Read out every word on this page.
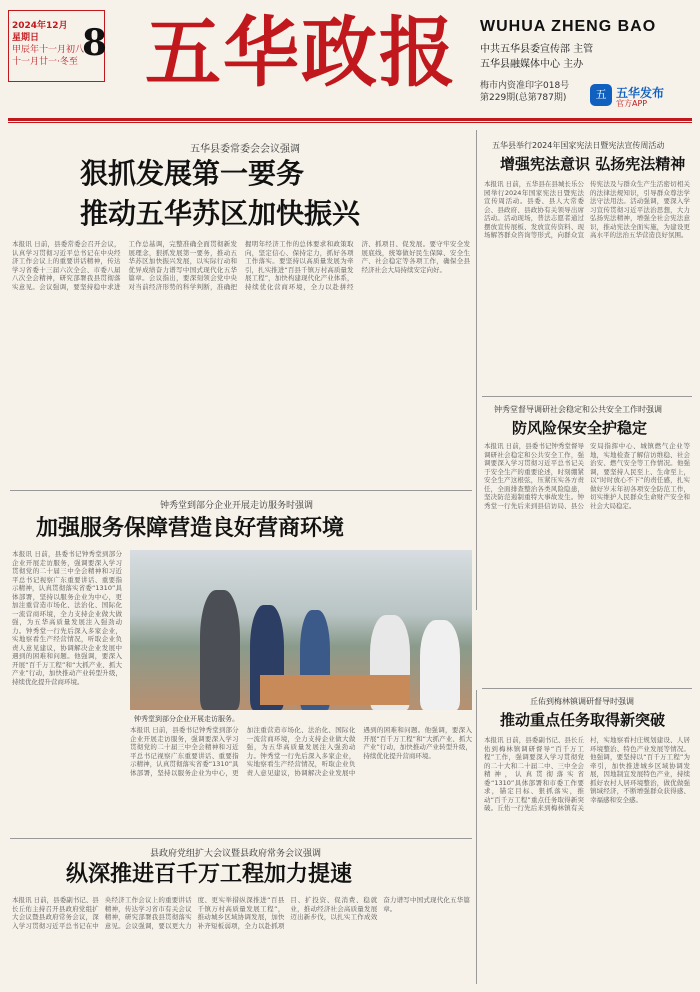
2024年12月
星期日
甲辰年十一月初八
十一月廿一·冬至 8 五华政报 WUHUA ZHENG BAO
中共五华县委宣传部 主管
五华县融媒体中心 主办
梅市内资准印字018号
第229期(总第787期)	五 五华发布
官方APP
五华县委常委会会议强调
狠抓发展第一要务
推动五华苏区加快振兴
本报讯 日前，县委常委会召开会议，认真学习贯彻习近平总书记在中央经济工作会议上的重要讲话精神，传达学习省委十三届六次全会、市委八届八次全会精神，研究部署我县贯彻落实意见。会议强调，要坚持稳中求进工作总基调，完整准确全面贯彻新发展理念，狠抓发展第一要务，推动五华苏区加快振兴发展，以实际行动和优异成绩奋力谱写中国式现代化五华篇章。会议指出，要深刻领会党中央对当前经济形势的科学判断，准确把握明年经济工作的总体要求和政策取向，坚定信心、保持定力，抓好各项工作落实。要坚持以高质量发展为牵引，扎实推进“百县千镇万村高质量发展工程”，加快构建现代化产业体系，持续优化营商环境，全力以赴拼经济、抓项目、促发展。要守牢安全发展底线，统筹做好民生保障、安全生产、社会稳定等各项工作，确保全县经济社会大局持续安定向好。
五华县举行2024年国家宪法日暨宪法宣传周活动
增强宪法意识 弘扬宪法精神
本报讯 日前，五华县在县城长乐公园举行2024年国家宪法日暨宪法宣传周活动。县委、县人大常委会、县政府、县政协有关领导出席活动。活动现场，普法志愿者通过摆放宣传展板、发放宣传资料、现场解答群众咨询等形式，向群众宣传宪法及与群众生产生活密切相关的法律法规知识，引导群众尊法学法守法用法。活动强调，要深入学习宣传贯彻习近平法治思想，大力弘扬宪法精神，增强全社会宪法意识，推动宪法全面实施，为建设更高水平的法治五华营造良好氛围。
钟秀堂督导调研社会稳定和公共安全工作时强调
防风险保安全护稳定
本报讯 日前，县委书记钟秀堂督导调研社会稳定和公共安全工作，强调要深入学习贯彻习近平总书记关于安全生产的重要论述，时刻绷紧安全生产这根弦，压紧压实各方责任，全面排查整治各类风险隐患，坚决防范遏制重特大事故发生。钟秀堂一行先后来到县信访局、县公安局指挥中心、城镇燃气企业等地，实地检查了解信访维稳、社会治安、燃气安全等工作情况。他强调，要坚持人民至上、生命至上，以“时时放心不下”的责任感，扎实做好岁末年初各项安全防范工作，切实维护人民群众生命财产安全和社会大局稳定。
钟秀堂到部分企业开展走访服务时强调
加强服务保障营造良好营商环境
本报讯 日前，县委书记钟秀堂到部分企业开展走访服务，强调要深入学习贯彻党的二十届三中全会精神和习近平总书记视察广东重要讲话、重要指示精神，认真贯彻落实省委“1310”具体部署，坚持以服务企业为中心，更加注重营造市场化、法治化、国际化一流营商环境，全力支持企业做大做强，为五华高质量发展注入强劲动力。钟秀堂一行先后深入多家企业，实地察看生产经营情况，听取企业负责人意见建议，协调解决企业发展中遇到的困难和问题。他强调，要深入开展“百千万工程”和“大抓产业、抓大产业”行动，加快推动产业转型升级，持续优化提升营商环境。
钟秀堂到部分企业开展走访服务。
本报讯 日前，县委书记钟秀堂到部分企业开展走访服务，强调要深入学习贯彻党的二十届三中全会精神和习近平总书记视察广东重要讲话、重要指示精神，认真贯彻落实省委“1310”具体部署，坚持以服务企业为中心，更加注重营造市场化、法治化、国际化一流营商环境，全力支持企业做大做强，为五华高质量发展注入强劲动力。钟秀堂一行先后深入多家企业，实地察看生产经营情况，听取企业负责人意见建议，协调解决企业发展中遇到的困难和问题。他强调，要深入开展“百千万工程”和“大抓产业、抓大产业”行动，加快推动产业转型升级，持续优化提升营商环境。
丘佑到梅林镇调研督导时强调
推动重点任务取得新突破
本报讯 日前，县委副书记、县长丘佑到梅林镇调研督导“百千万工程”工作，强调要深入学习贯彻党的二十大和二十届二中、三中全会精神，认真贯彻落实省委“1310”具体部署和市委工作要求，锚定目标、狠抓落实，推动“百千万工程”重点任务取得新突破。丘佑一行先后来到梅林镇有关村，实地察看村庄规划建设、人居环境整治、特色产业发展等情况。他强调，要坚持以“百千万工程”为牵引，加快推进城乡区域协调发展，因地制宜发展特色产业，持续抓好农村人居环境整治，做优做强镇域经济，不断增强群众获得感、幸福感和安全感。
县政府党组扩大会议暨县政府常务会议强调
纵深推进百千万工程加力提速
本报讯 日前，县委副书记、县长丘佑主持召开县政府党组扩大会议暨县政府常务会议，深入学习贯彻习近平总书记在中央经济工作会议上的重要讲话精神，传达学习省市有关会议精神，研究部署我县贯彻落实意见。会议强调，要以更大力度、更实举措纵深推进“百县千镇万村高质量发展工程”，推动城乡区域协调发展，加快补齐短板弱项，全力以赴抓项目、扩投资、促消费、稳就业，推动经济社会高质量发展迈出新步伐，以扎实工作成效奋力谱写中国式现代化五华篇章。
